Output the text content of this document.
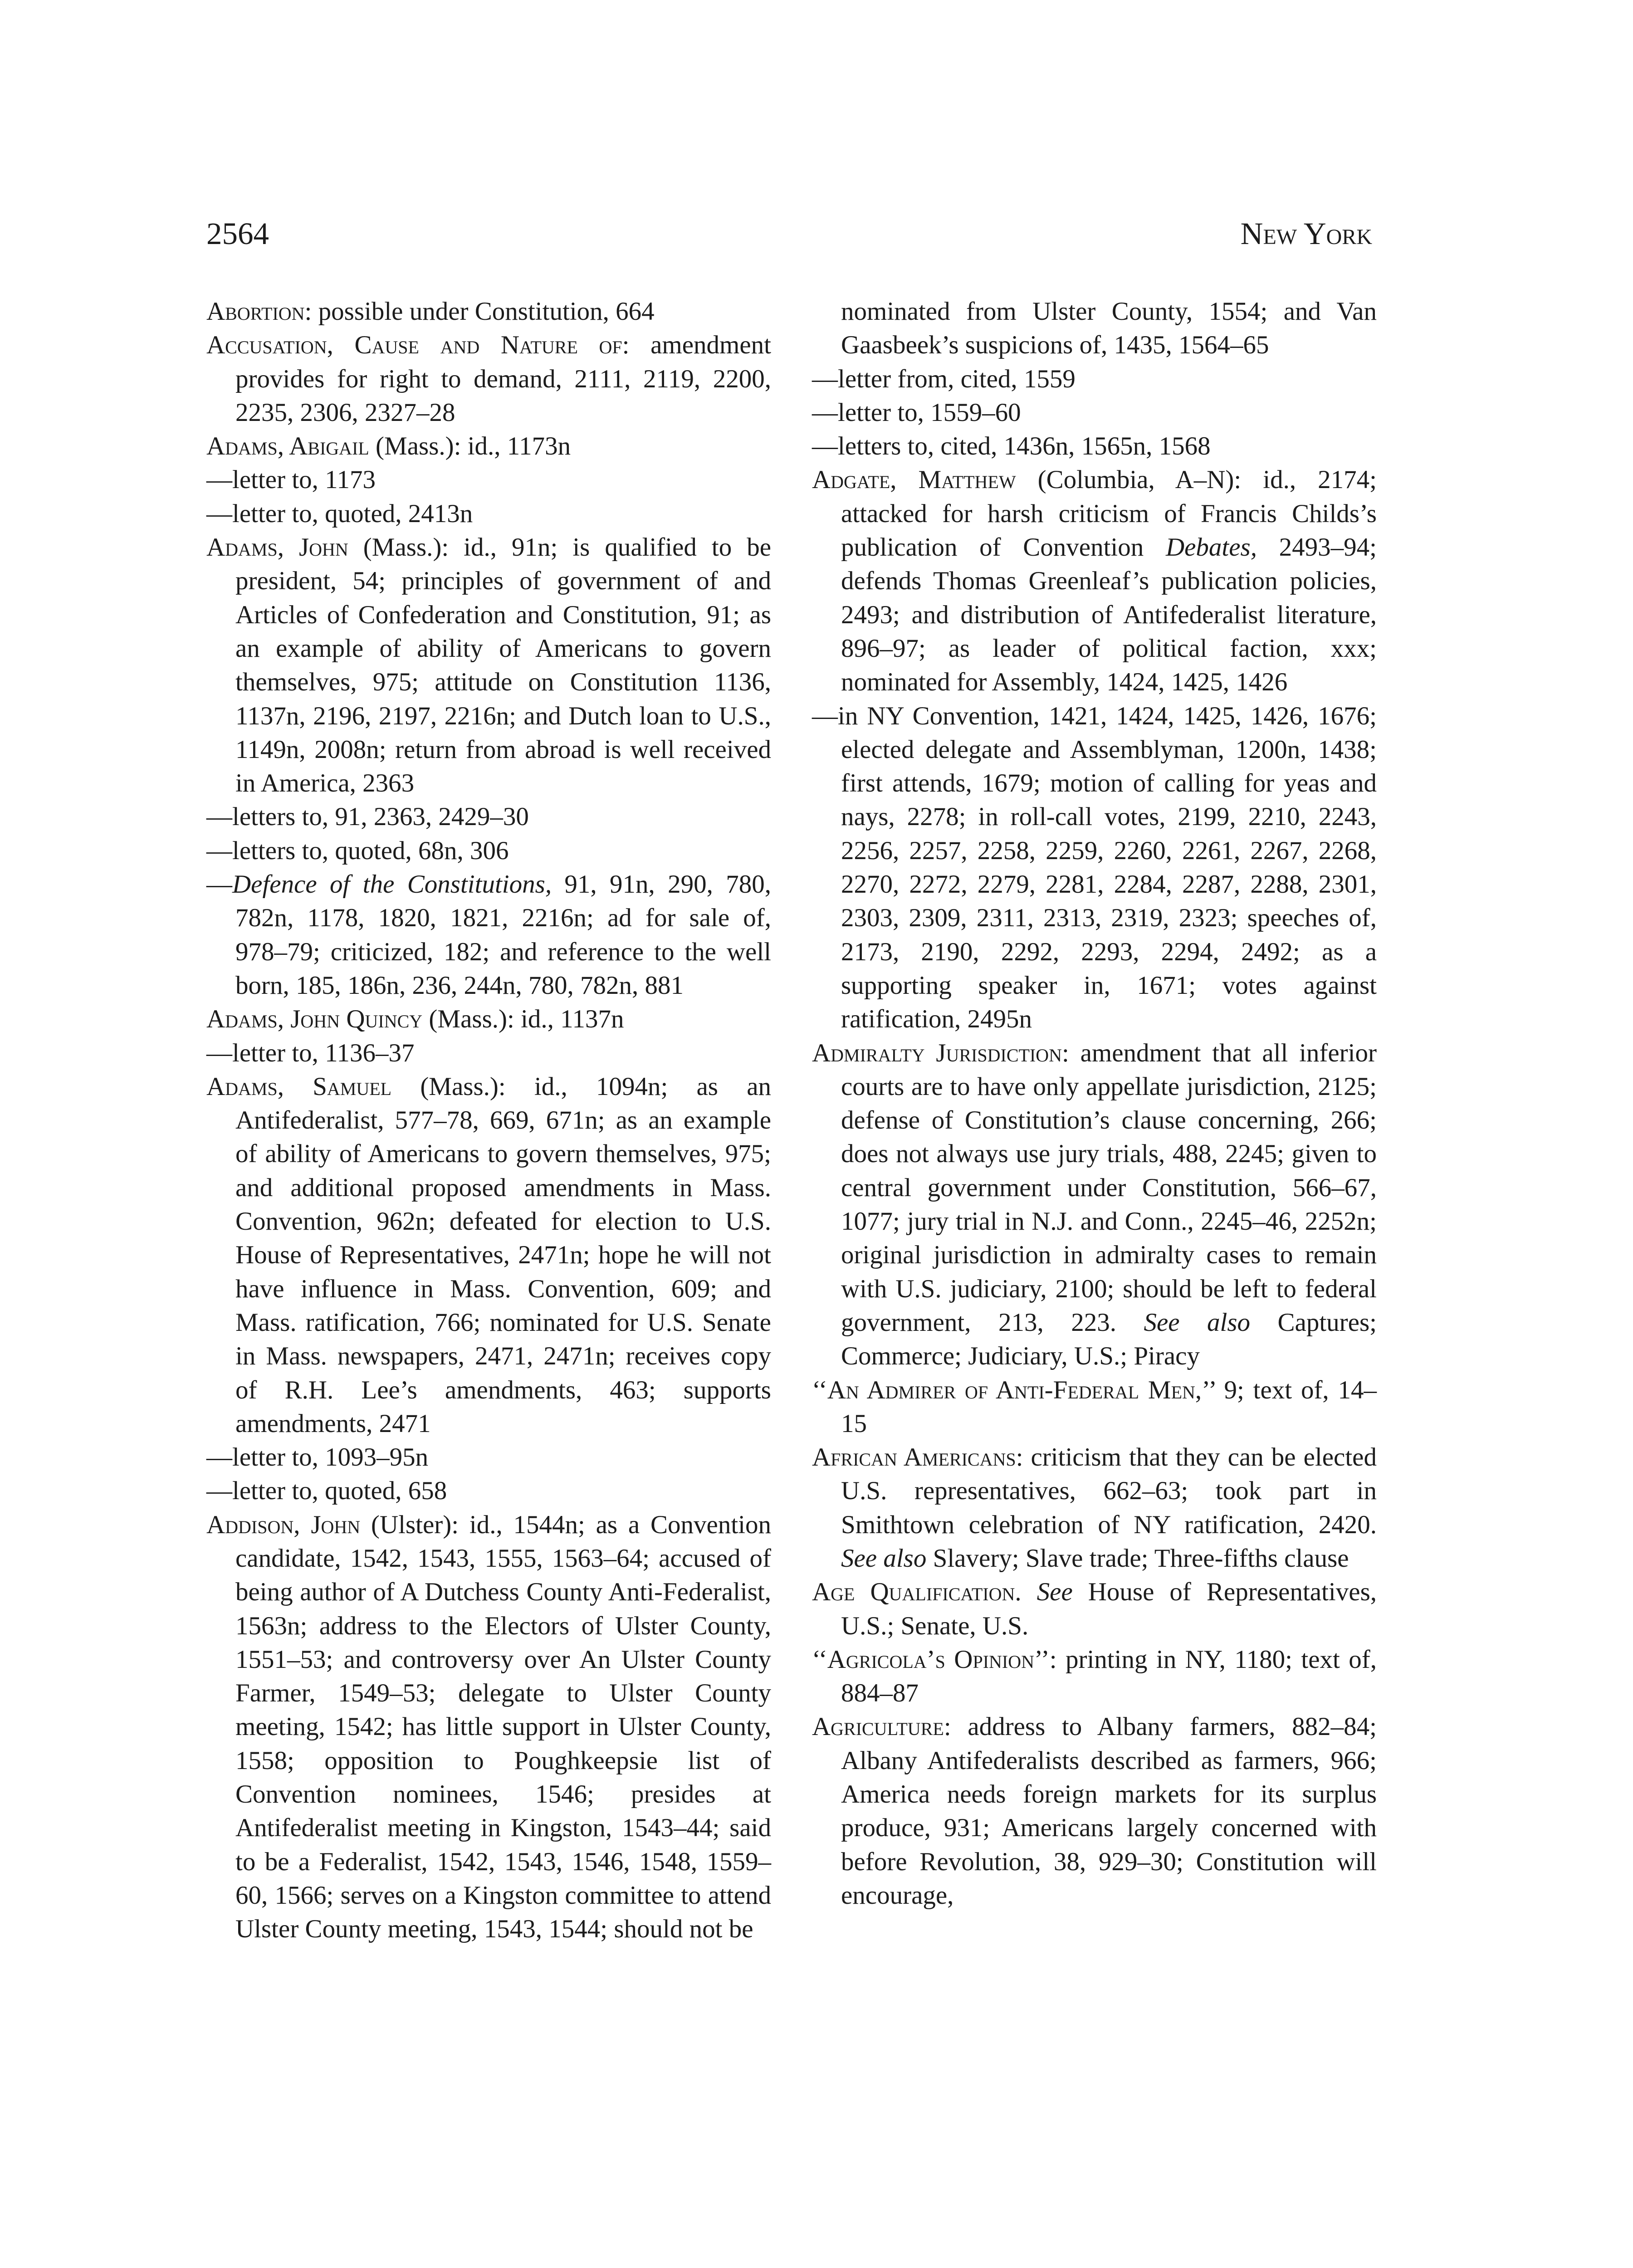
2564	New York

Abortion: possible under Constitution, 664

Accusation, Cause and Nature of: amendment provides for right to demand, 2111, 2119, 2200, 2235, 2306, 2327–28

Adams, Abigail (Mass.): id., 1173n

—letter to, 1173

—letter to, quoted, 2413n

Adams, John (Mass.): id., 91n; is qualified to be president, 54; principles of government of and Articles of Confederation and Constitution, 91; as an example of ability of Americans to govern themselves, 975; attitude on Constitution 1136, 1137n, 2196, 2197, 2216n; and Dutch loan to U.S., 1149n, 2008n; return from abroad is well received in America, 2363

—letters to, 91, 2363, 2429–30

—letters to, quoted, 68n, 306

—Defence of the Constitutions, 91, 91n, 290, 780, 782n, 1178, 1820, 1821, 2216n; ad for sale of, 978–79; criticized, 182; and reference to the well born, 185, 186n, 236, 244n, 780, 782n, 881

Adams, John Quincy (Mass.): id., 1137n

—letter to, 1136–37

Adams, Samuel (Mass.): id., 1094n; as an Antifederalist, 577–78, 669, 671n; as an example of ability of Americans to govern themselves, 975; and additional proposed amendments in Mass. Convention, 962n; defeated for election to U.S. House of Representatives, 2471n; hope he will not have influence in Mass. Convention, 609; and Mass. ratification, 766; nominated for U.S. Senate in Mass. newspapers, 2471, 2471n; receives copy of R.H. Lee’s amendments, 463; supports amendments, 2471

—letter to, 1093–95n

—letter to, quoted, 658

Addison, John (Ulster): id., 1544n; as a Convention candidate, 1542, 1543, 1555, 1563–64; accused of being author of A Dutchess County Anti-Federalist, 1563n; address to the Electors of Ulster County, 1551–53; and controversy over An Ulster County Farmer, 1549–53; delegate to Ulster County meeting, 1542; has little support in Ulster County, 1558; opposition to Poughkeepsie list of Convention nominees, 1546; presides at Antifederalist meeting in Kingston, 1543–44; said to be a Federalist, 1542, 1543, 1546, 1548, 1559–60, 1566; serves on a Kingston committee to attend Ulster County meeting, 1543, 1544; should not be

nominated from Ulster County, 1554; and Van Gaasbeek’s suspicions of, 1435, 1564–65

—letter from, cited, 1559

—letter to, 1559–60

—letters to, cited, 1436n, 1565n, 1568

Adgate, Matthew (Columbia, A–N): id., 2174; attacked for harsh criticism of Francis Childs’s publication of Convention Debates, 2493–94; defends Thomas Greenleaf’s publication policies, 2493; and distribution of Antifederalist literature, 896–97; as leader of political faction, xxx; nominated for Assembly, 1424, 1425, 1426

—in NY Convention, 1421, 1424, 1425, 1426, 1676; elected delegate and Assemblyman, 1200n, 1438; first attends, 1679; motion of calling for yeas and nays, 2278; in roll-call votes, 2199, 2210, 2243, 2256, 2257, 2258, 2259, 2260, 2261, 2267, 2268, 2270, 2272, 2279, 2281, 2284, 2287, 2288, 2301, 2303, 2309, 2311, 2313, 2319, 2323; speeches of, 2173, 2190, 2292, 2293, 2294, 2492; as a supporting speaker in, 1671; votes against ratification, 2495n

Admiralty Jurisdiction: amendment that all inferior courts are to have only appellate jurisdiction, 2125; defense of Constitution’s clause concerning, 266; does not always use jury trials, 488, 2245; given to central government under Constitution, 566–67, 1077; jury trial in N.J. and Conn., 2245–46, 2252n; original jurisdiction in admiralty cases to remain with U.S. judiciary, 2100; should be left to federal government, 213, 223. See also Captures; Commerce; Judiciary, U.S.; Piracy

‘‘An Admirer of Anti-Federal Men,’’ 9; text of, 14–15

African Americans: criticism that they can be elected U.S. representatives, 662–63; took part in Smithtown celebration of NY ratification, 2420. See also Slavery; Slave trade; Three-fifths clause

Age Qualification. See House of Representatives, U.S.; Senate, U.S.

‘‘Agricola’s Opinion’’: printing in NY, 1180; text of, 884–87

Agriculture: address to Albany farmers, 882–84; Albany Antifederalists described as farmers, 966; America needs foreign markets for its surplus produce, 931; Americans largely concerned with before Revolution, 38, 929–30; Constitution will encourage,
